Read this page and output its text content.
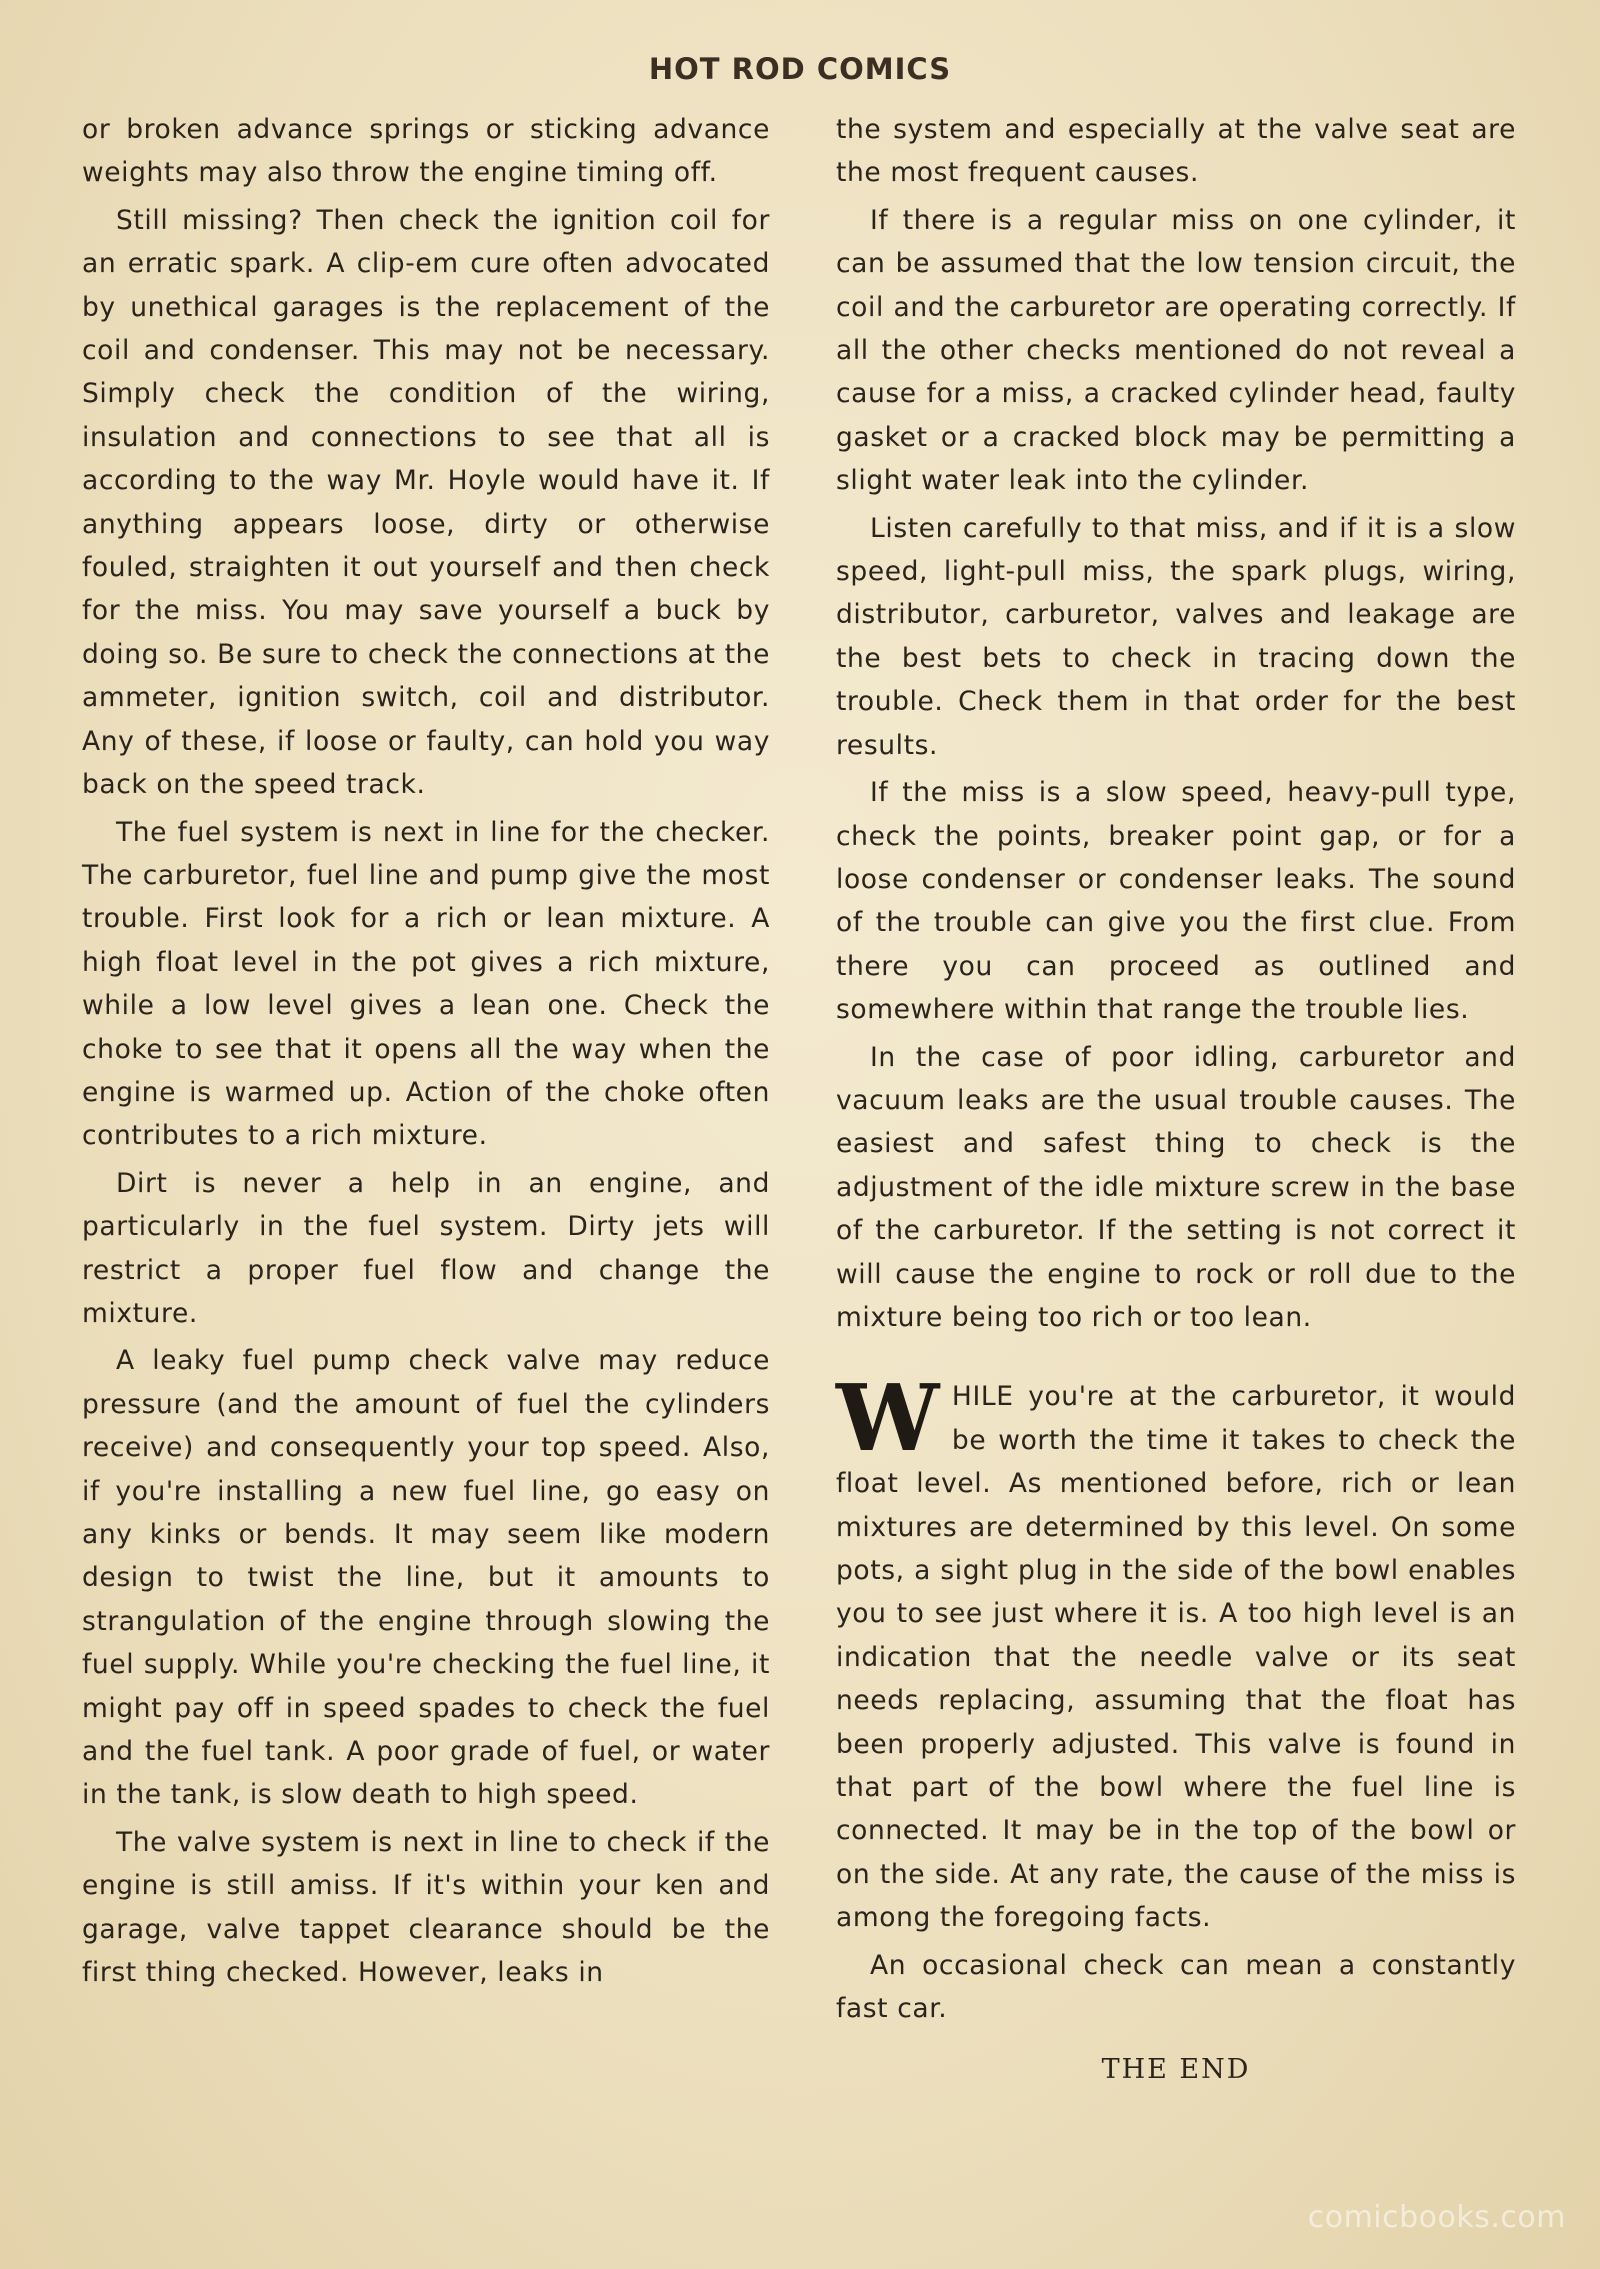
HOT ROD COMICS

or broken advance springs or sticking advance weights may also throw the engine timing off.

Still missing? Then check the ignition coil for an erratic spark. A clip-em cure often advocated by unethical garages is the replacement of the coil and condenser. This may not be necessary. Simply check the condition of the wiring, insulation and connections to see that all is according to the way Mr. Hoyle would have it. If anything appears loose, dirty or otherwise fouled, straighten it out yourself and then check for the miss. You may save yourself a buck by doing so. Be sure to check the connections at the ammeter, ignition switch, coil and distributor. Any of these, if loose or faulty, can hold you way back on the speed track.

The fuel system is next in line for the checker. The carburetor, fuel line and pump give the most trouble. First look for a rich or lean mixture. A high float level in the pot gives a rich mixture, while a low level gives a lean one. Check the choke to see that it opens all the way when the engine is warmed up. Action of the choke often contributes to a rich mixture.

Dirt is never a help in an engine, and particularly in the fuel system. Dirty jets will restrict a proper fuel flow and change the mixture.

A leaky fuel pump check valve may reduce pressure (and the amount of fuel the cylinders receive) and consequently your top speed. Also, if you're installing a new fuel line, go easy on any kinks or bends. It may seem like modern design to twist the line, but it amounts to strangulation of the engine through slowing the fuel supply. While you're checking the fuel line, it might pay off in speed spades to check the fuel and the fuel tank. A poor grade of fuel, or water in the tank, is slow death to high speed.

The valve system is next in line to check if the engine is still amiss. If it's within your ken and garage, valve tappet clearance should be the first thing checked. However, leaks in

the system and especially at the valve seat are the most frequent causes.

If there is a regular miss on one cylinder, it can be assumed that the low tension circuit, the coil and the carburetor are operating correctly. If all the other checks mentioned do not reveal a cause for a miss, a cracked cylinder head, faulty gasket or a cracked block may be permitting a slight water leak into the cylinder.

Listen carefully to that miss, and if it is a slow speed, light-pull miss, the spark plugs, wiring, distributor, carburetor, valves and leakage are the best bets to check in tracing down the trouble. Check them in that order for the best results.

If the miss is a slow speed, heavy-pull type, check the points, breaker point gap, or for a loose condenser or condenser leaks. The sound of the trouble can give you the first clue. From there you can proceed as outlined and somewhere within that range the trouble lies.

In the case of poor idling, carburetor and vacuum leaks are the usual trouble causes. The easiest and safest thing to check is the adjustment of the idle mixture screw in the base of the carburetor. If the setting is not correct it will cause the engine to rock or roll due to the mixture being too rich or too lean.

WHILE you're at the carburetor, it would be worth the time it takes to check the float level. As mentioned before, rich or lean mixtures are determined by this level. On some pots, a sight plug in the side of the bowl enables you to see just where it is. A too high level is an indication that the needle valve or its seat needs replacing, assuming that the float has been properly adjusted. This valve is found in that part of the bowl where the fuel line is connected. It may be in the top of the bowl or on the side. At any rate, the cause of the miss is among the foregoing facts.

An occasional check can mean a constantly fast car.

THE END
comicbooks.com
